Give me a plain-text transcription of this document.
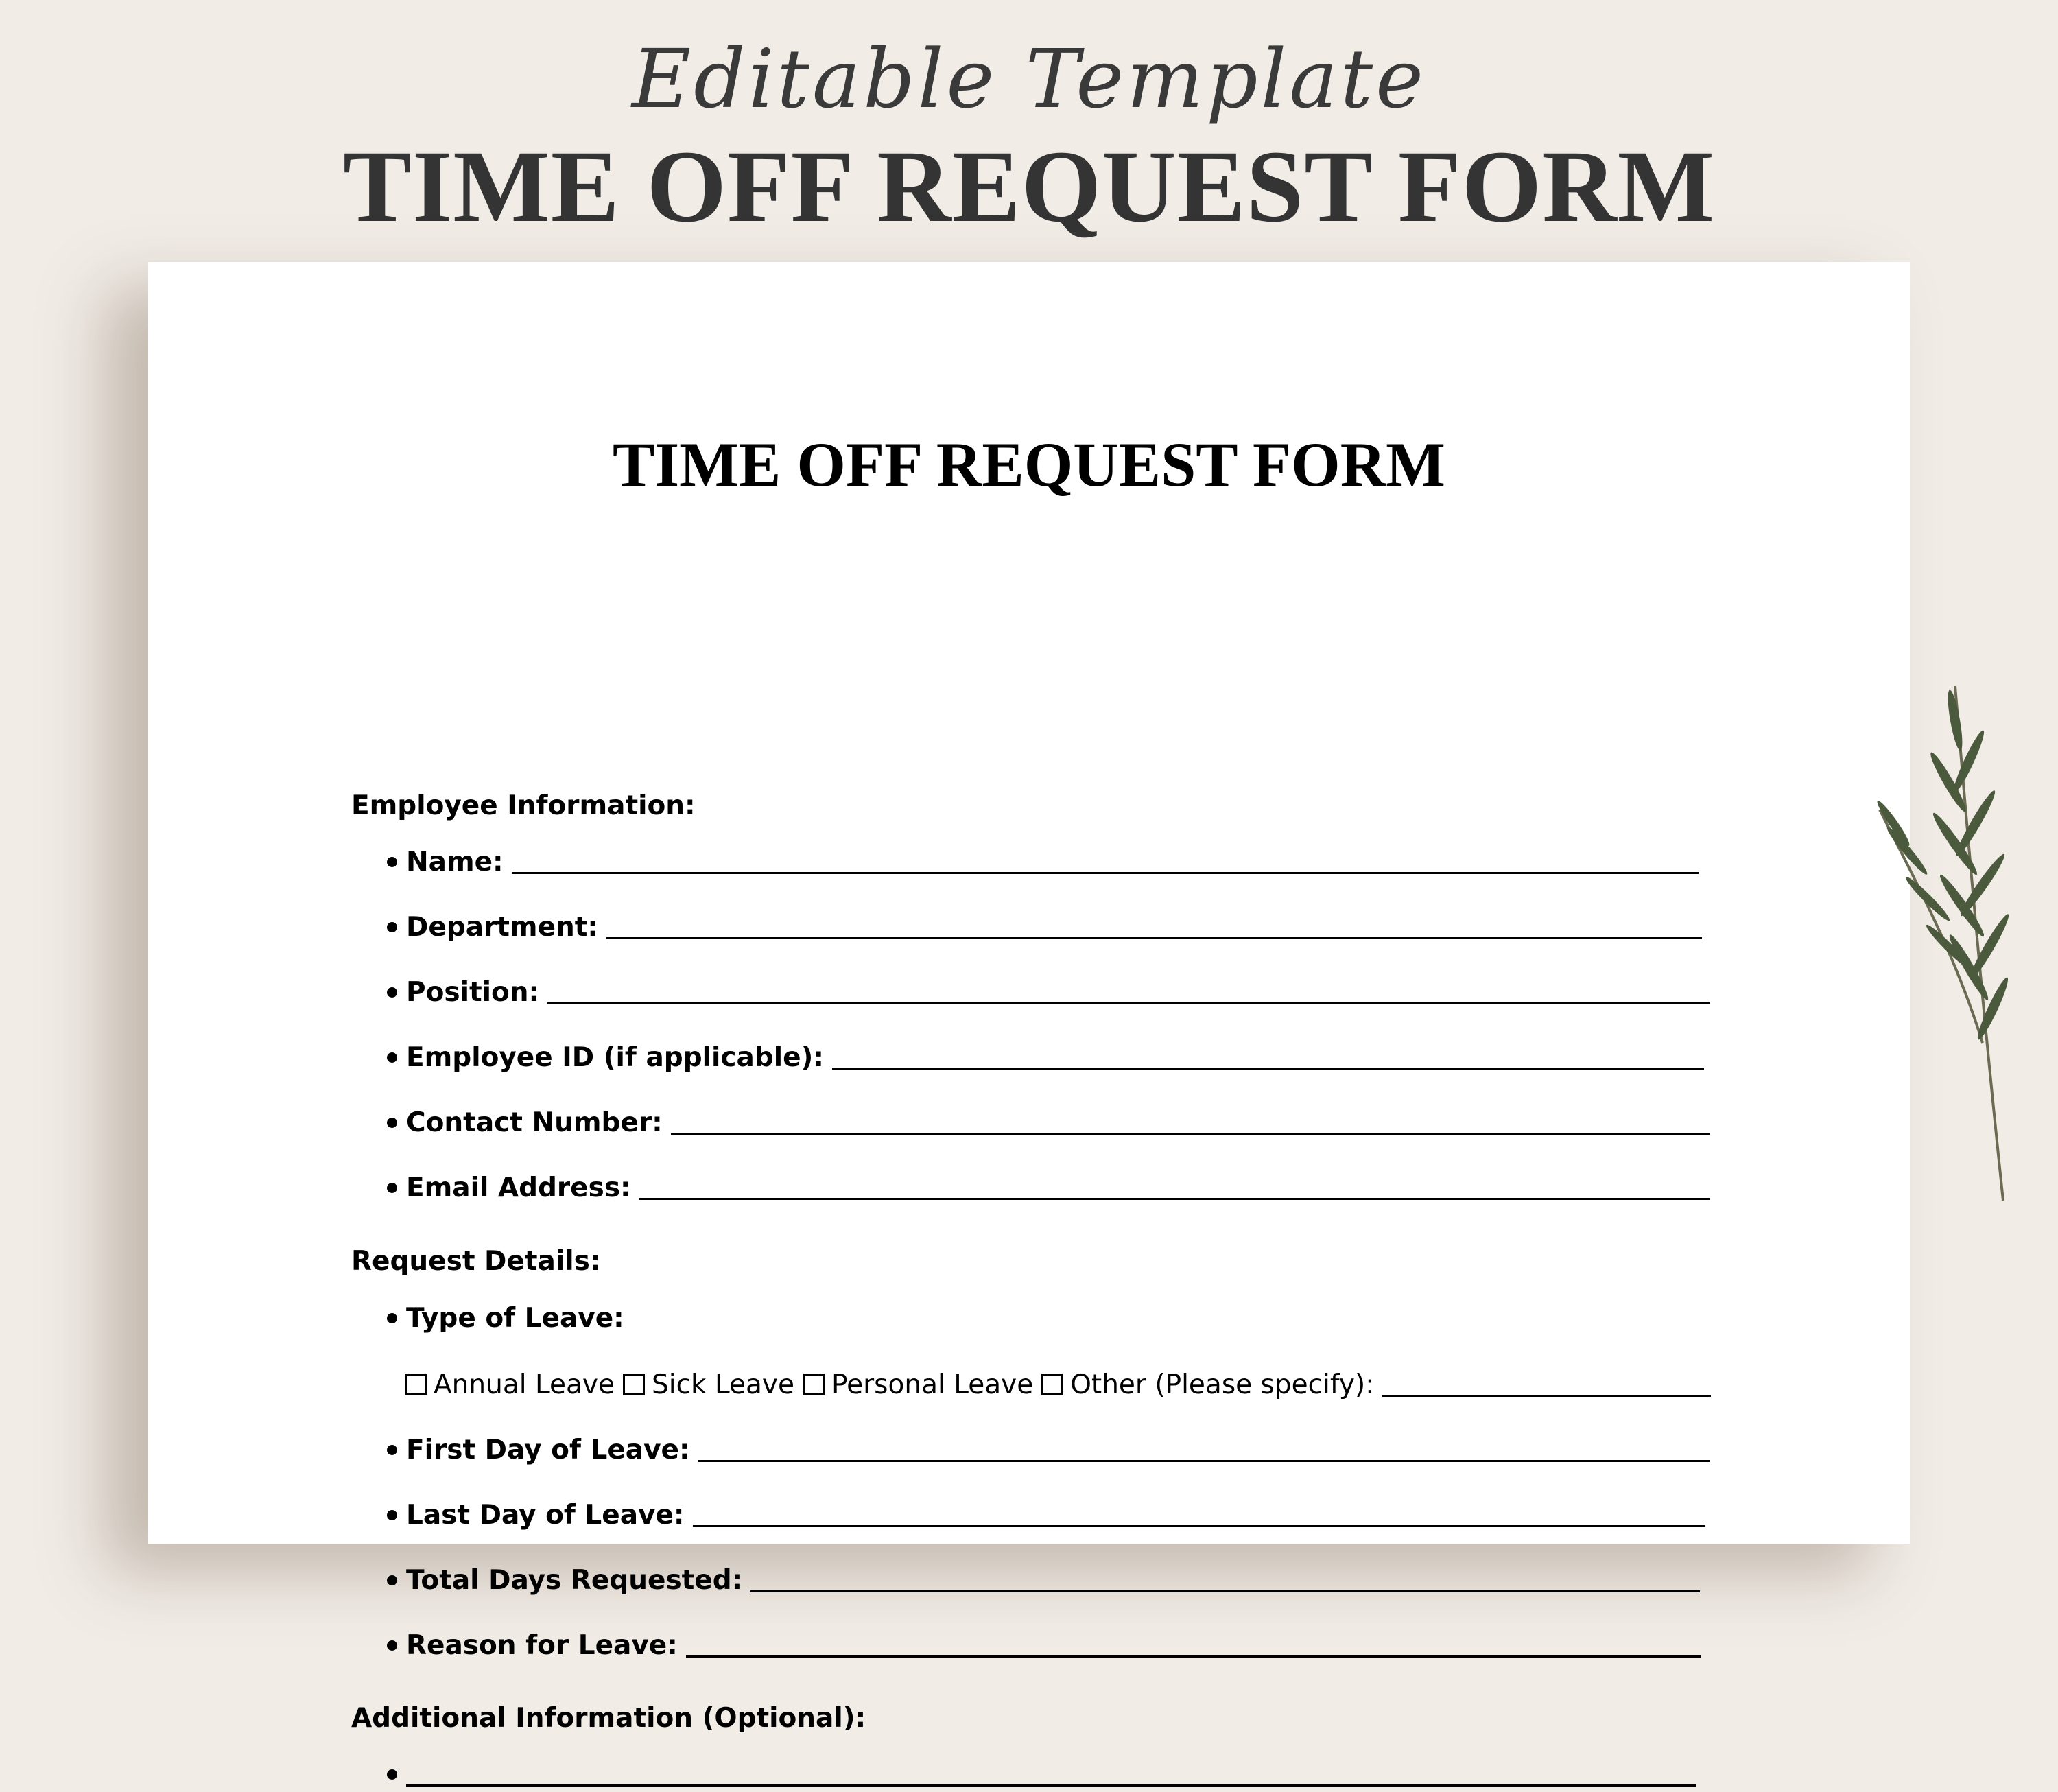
Editable Template
TIME OFF REQUEST FORM
TIME OFF REQUEST FORM
Employee Information:
Name:
Department:
Position:
Employee ID (if applicable):
Contact Number:
Email Address:
Request Details:
Type of Leave:
Annual Leave Sick Leave Personal Leave Other (Please specify):
First Day of Leave:
Last Day of Leave:
Total Days Requested:
Reason for Leave:
Additional Information (Optional):
